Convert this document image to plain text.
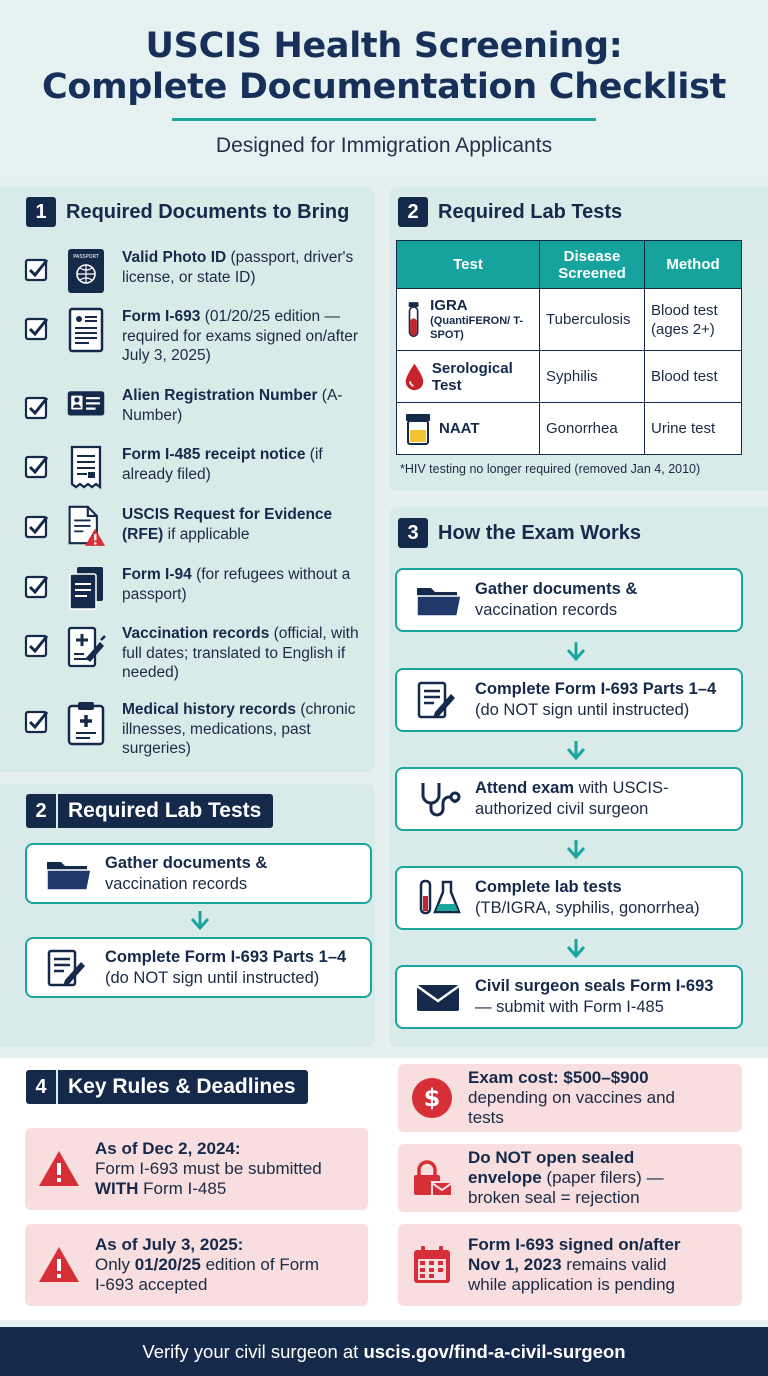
USCIS Health Screening:
Complete Documentation Checklist
Designed for Immigration Applicants
1 Required Documents to Bring
PASSPORT Valid Photo ID (passport, driver's license, or state ID)
Form I-693 (01/20/25 edition — required for exams signed on/after July 3, 2025)
Alien Registration Number (A-Number)
Form I-485 receipt notice (if already filed)
USCIS Request for Evidence (RFE) if applicable
Form I-94 (for refugees without a passport)
Vaccination records (official, with full dates; translated to English if needed)
Medical history records (chronic illnesses, medications, past surgeries)
2 Required Lab Tests
Test	Disease Screened	Method

IGRA
(QuantiFERON/ T-SPOT)	Tuberculosis	Blood test (ages 2+)

Serological Test	Syphilis	Blood test

NAAT	Gonorrhea	Urine test
*HIV testing no longer required (removed Jan 4, 2010)
3 How the Exam Works
Gather documents &
vaccination records
Complete Form I-693 Parts 1–4
(do NOT sign until instructed)
Attend exam with USCIS-
authorized civil surgeon
Complete lab tests
(TB/IGRA, syphilis, gonorrhea)
Civil surgeon seals Form I-693
— submit with Form I-485
2	Required Lab Tests
Gather documents &
vaccination records
Complete Form I-693 Parts 1–4
(do NOT sign until instructed)
4	Key Rules & Deadlines
As of Dec 2, 2024:
Form I-693 must be submitted
WITH Form I-485
As of July 3, 2025:
Only 01/20/25 edition of Form
I-693 accepted
$
Exam cost: $500–$900
depending on vaccines and
tests
Do NOT open sealed
envelope (paper filers) —
broken seal = rejection
Form I-693 signed on/after
Nov 1, 2023 remains valid
while application is pending
Verify your civil surgeon at uscis.gov/find-a-civil-surgeon
